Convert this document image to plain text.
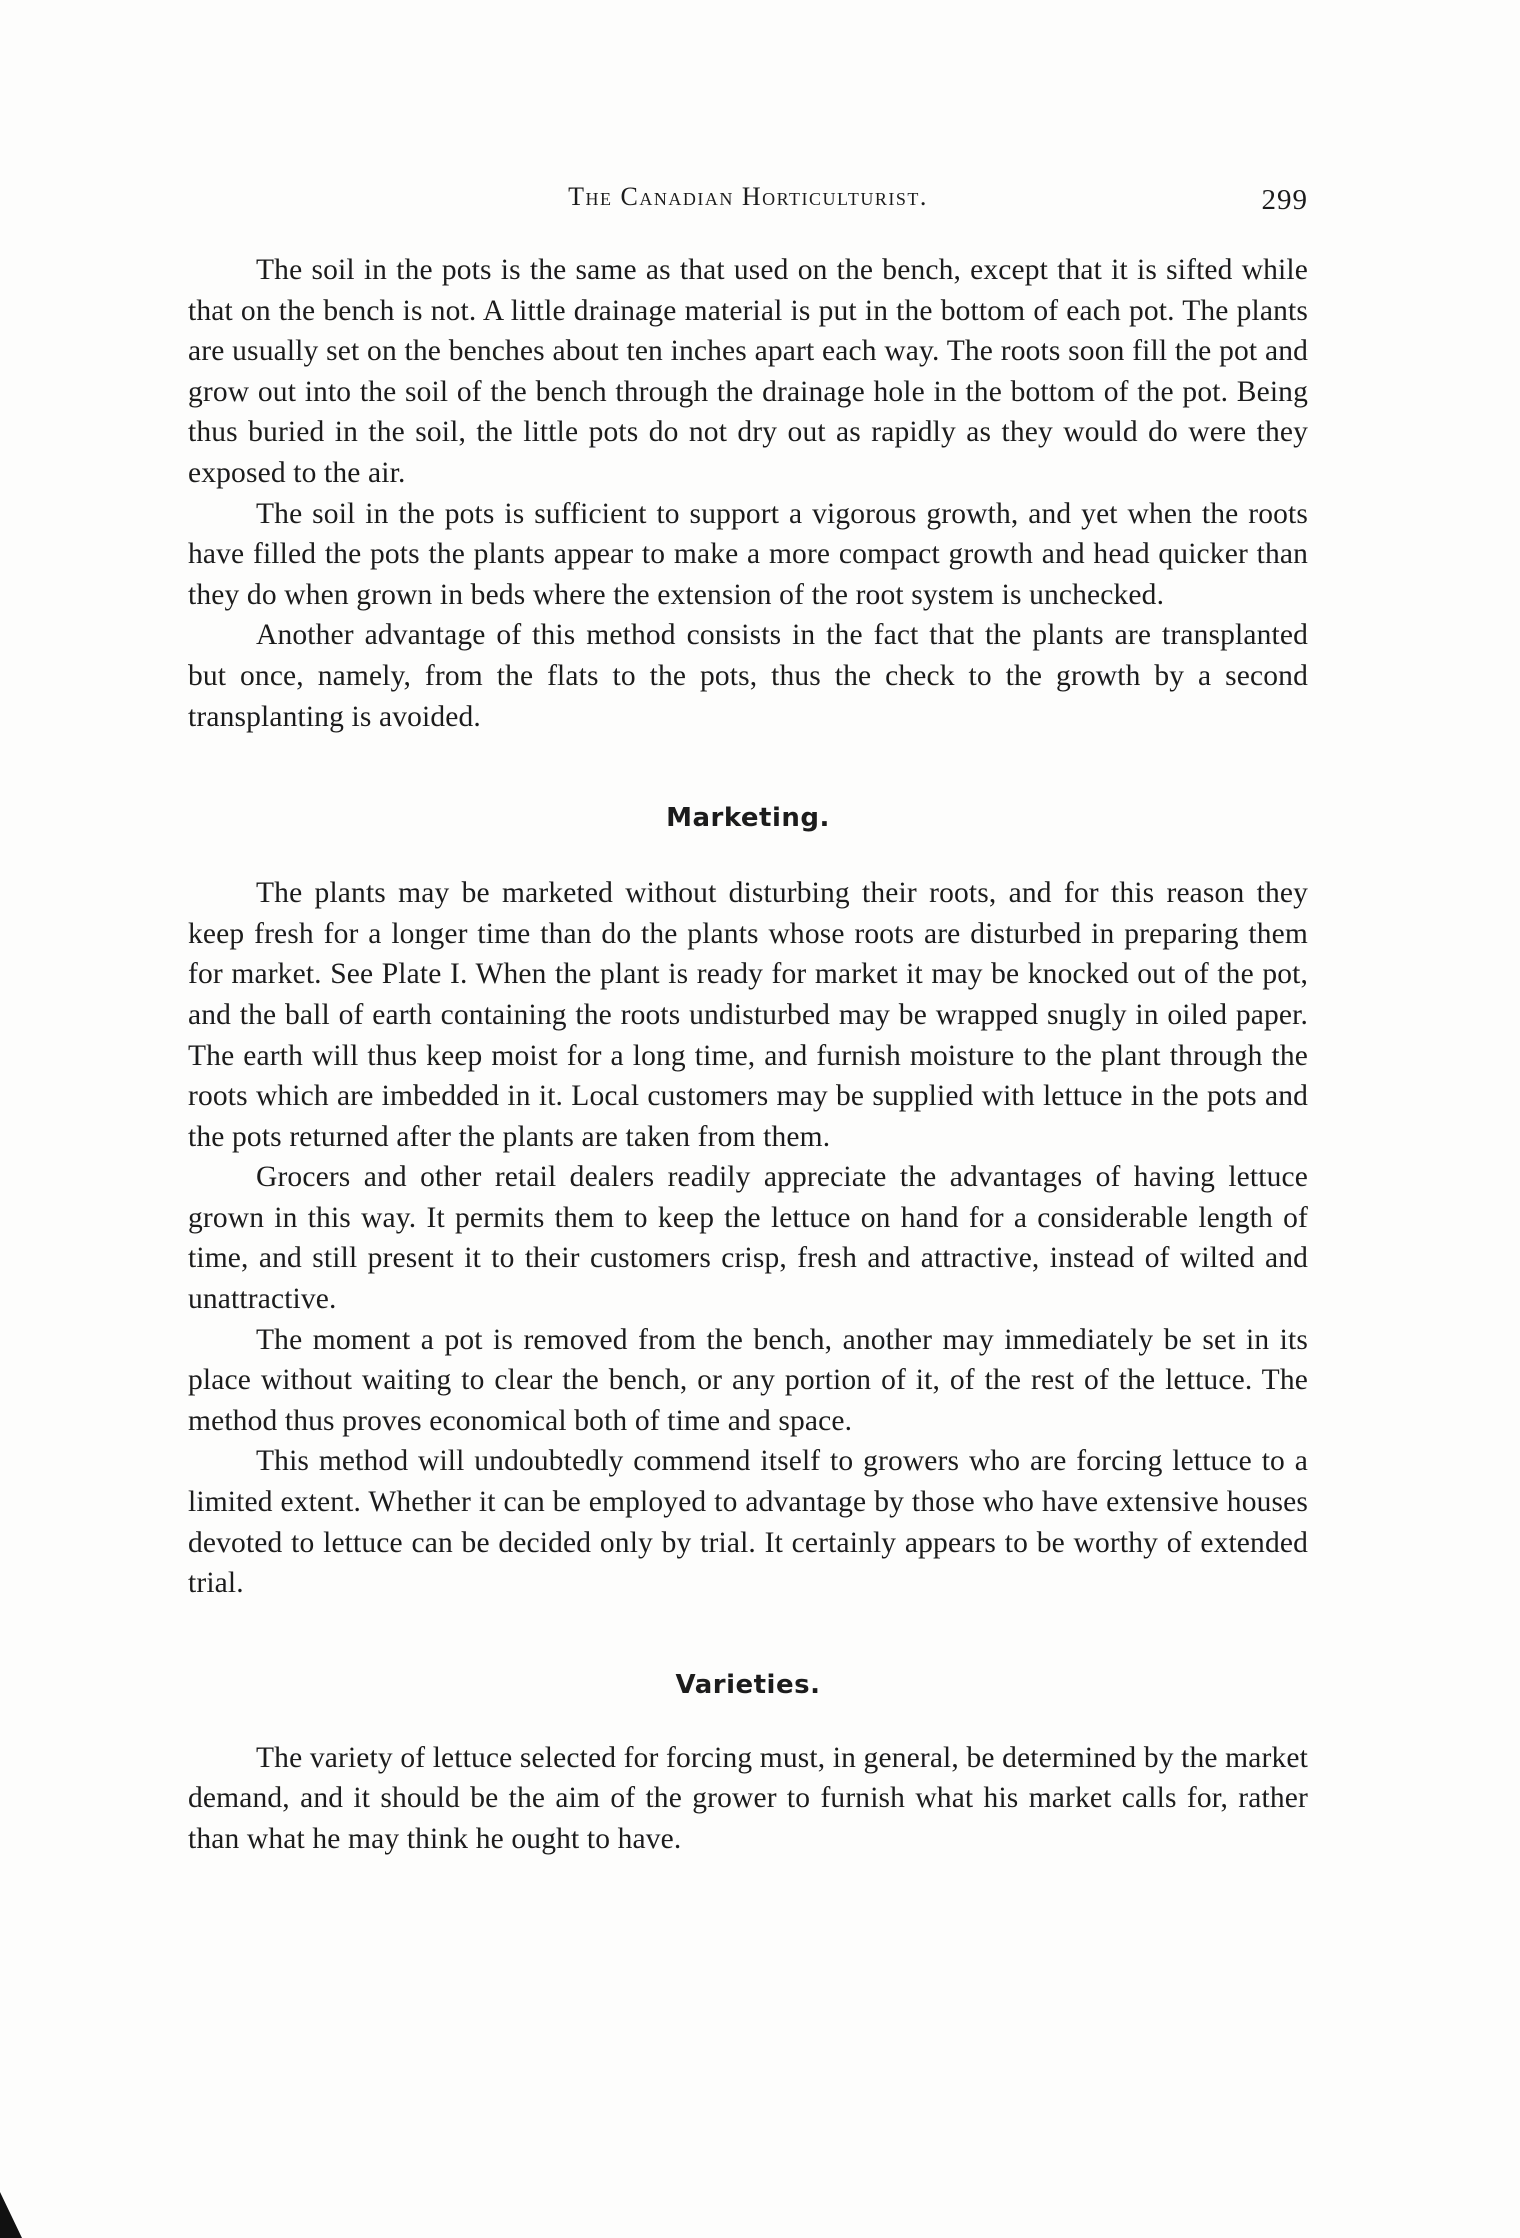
The Canadian Horticulturist.	299

The soil in the pots is the same as that used on the bench, except that it is sifted while that on the bench is not. A little drainage material is put in the bottom of each pot. The plants are usually set on the benches about ten inches apart each way. The roots soon fill the pot and grow out into the soil of the bench through the drainage hole in the bottom of the pot. Being thus buried in the soil, the little pots do not dry out as rapidly as they would do were they exposed to the air.

The soil in the pots is sufficient to support a vigorous growth, and yet when the roots have filled the pots the plants appear to make a more compact growth and head quicker than they do when grown in beds where the extension of the root system is unchecked.

Another advantage of this method consists in the fact that the plants are transplanted but once, namely, from the flats to the pots, thus the check to the growth by a second transplanting is avoided.

Marketing.

The plants may be marketed without disturbing their roots, and for this reason they keep fresh for a longer time than do the plants whose roots are disturbed in preparing them for market. See Plate I. When the plant is ready for market it may be knocked out of the pot, and the ball of earth containing the roots undisturbed may be wrapped snugly in oiled paper. The earth will thus keep moist for a long time, and furnish moisture to the plant through the roots which are imbedded in it. Local customers may be supplied with lettuce in the pots and the pots returned after the plants are taken from them.

Grocers and other retail dealers readily appreciate the advantages of having lettuce grown in this way. It permits them to keep the lettuce on hand for a considerable length of time, and still present it to their customers crisp, fresh and attractive, instead of wilted and unattractive.

The moment a pot is removed from the bench, another may immediately be set in its place without waiting to clear the bench, or any portion of it, of the rest of the lettuce. The method thus proves economical both of time and space.

This method will undoubtedly commend itself to growers who are forcing lettuce to a limited extent. Whether it can be employed to advantage by those who have extensive houses devoted to lettuce can be decided only by trial. It certainly appears to be worthy of extended trial.

Varieties.

The variety of lettuce selected for forcing must, in general, be determined by the market demand, and it should be the aim of the grower to furnish what his market calls for, rather than what he may think he ought to have.
